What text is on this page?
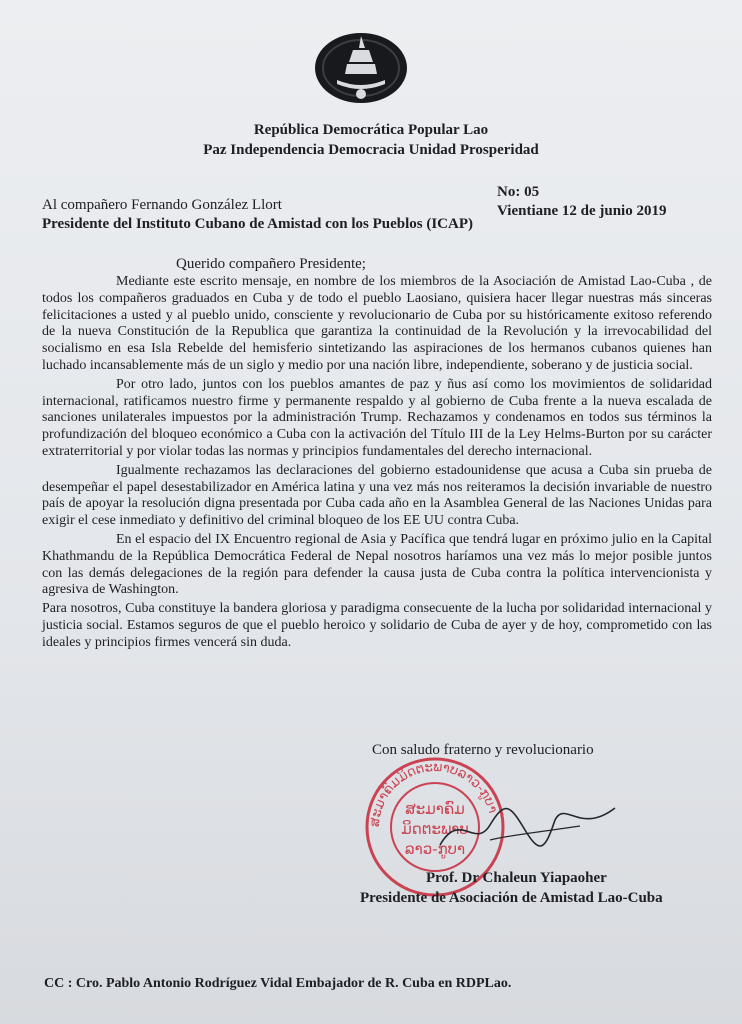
República Democrática Popular Lao
Paz Independencia Democracia Unidad Prosperidad
Al compañero Fernando González Llort
Presidente del Instituto Cubano de Amistad con los Pueblos (ICAP)
No: 05
Vientiane 12 de junio 2019
Querido compañero Presidente;

Mediante este escrito mensaje, en nombre de los miembros de la Asociación de Amistad Lao-Cuba , de todos los compañeros graduados en Cuba y de todo el pueblo Laosiano, quisiera hacer llegar nuestras más sinceras felicitaciones a usted y al pueblo unido, consciente y revolucionario de Cuba por su históricamente exitoso referendo de la nueva Constitución de la Republica que garantiza la continuidad de la Revolución y la irrevocabilidad del socialismo en esa Isla Rebelde del hemisferio sintetizando las aspiraciones de los hermanos cubanos quienes han luchado incansablemente más de un siglo y medio por una nación libre, independiente, soberano y de justicia social.

Por otro lado, juntos con los pueblos amantes de paz y ñus así como los movimientos de solidaridad internacional, ratificamos nuestro firme y permanente respaldo y al gobierno de Cuba frente a la nueva escalada de sanciones unilaterales impuestos por la administración Trump. Rechazamos y condenamos en todos sus términos la profundización del bloqueo económico a Cuba con la activación del Título III de la Ley Helms-Burton por su carácter extraterritorial y por violar todas las normas y principios fundamentales del derecho internacional.

Igualmente rechazamos las declaraciones del gobierno estadounidense que acusa a Cuba sin prueba de desempeñar el papel desestabilizador en América latina y una vez más nos reiteramos la decisión invariable de nuestro país de apoyar la resolución digna presentada por Cuba cada año en la Asamblea General de las Naciones Unidas para exigir el cese inmediato y definitivo del criminal bloqueo de los EE UU contra Cuba.

En el espacio del IX Encuentro regional de Asia y Pacífica que tendrá lugar en próximo julio en la Capital Khathmandu de la República Democrática Federal de Nepal nosotros haríamos una vez más lo mejor posible juntos con las demás delegaciones de la región para defender la causa justa de Cuba contra la política intervencionista y agresiva de Washington.

Para nosotros, Cuba constituye la bandera gloriosa y paradigma consecuente de la lucha por solidaridad internacional y justicia social. Estamos seguros de que el pueblo heroico y solidario de Cuba de ayer y de hoy, comprometido con las ideales y principios firmes vencerá sin duda.

Con saludo fraterno y revolucionario
ສະມາຄົມມິດຕະພາບລາວ-ກູບາ
ສະມາຄົມ
ມິດຕະພາບ
ລາວ-ກູບາ
Prof. Dr Chaleun Yiapaoher
Presidente de Asociación de Amistad Lao-Cuba
CC : Cro. Pablo Antonio Rodríguez Vidal Embajador de R. Cuba en RDPLao.
